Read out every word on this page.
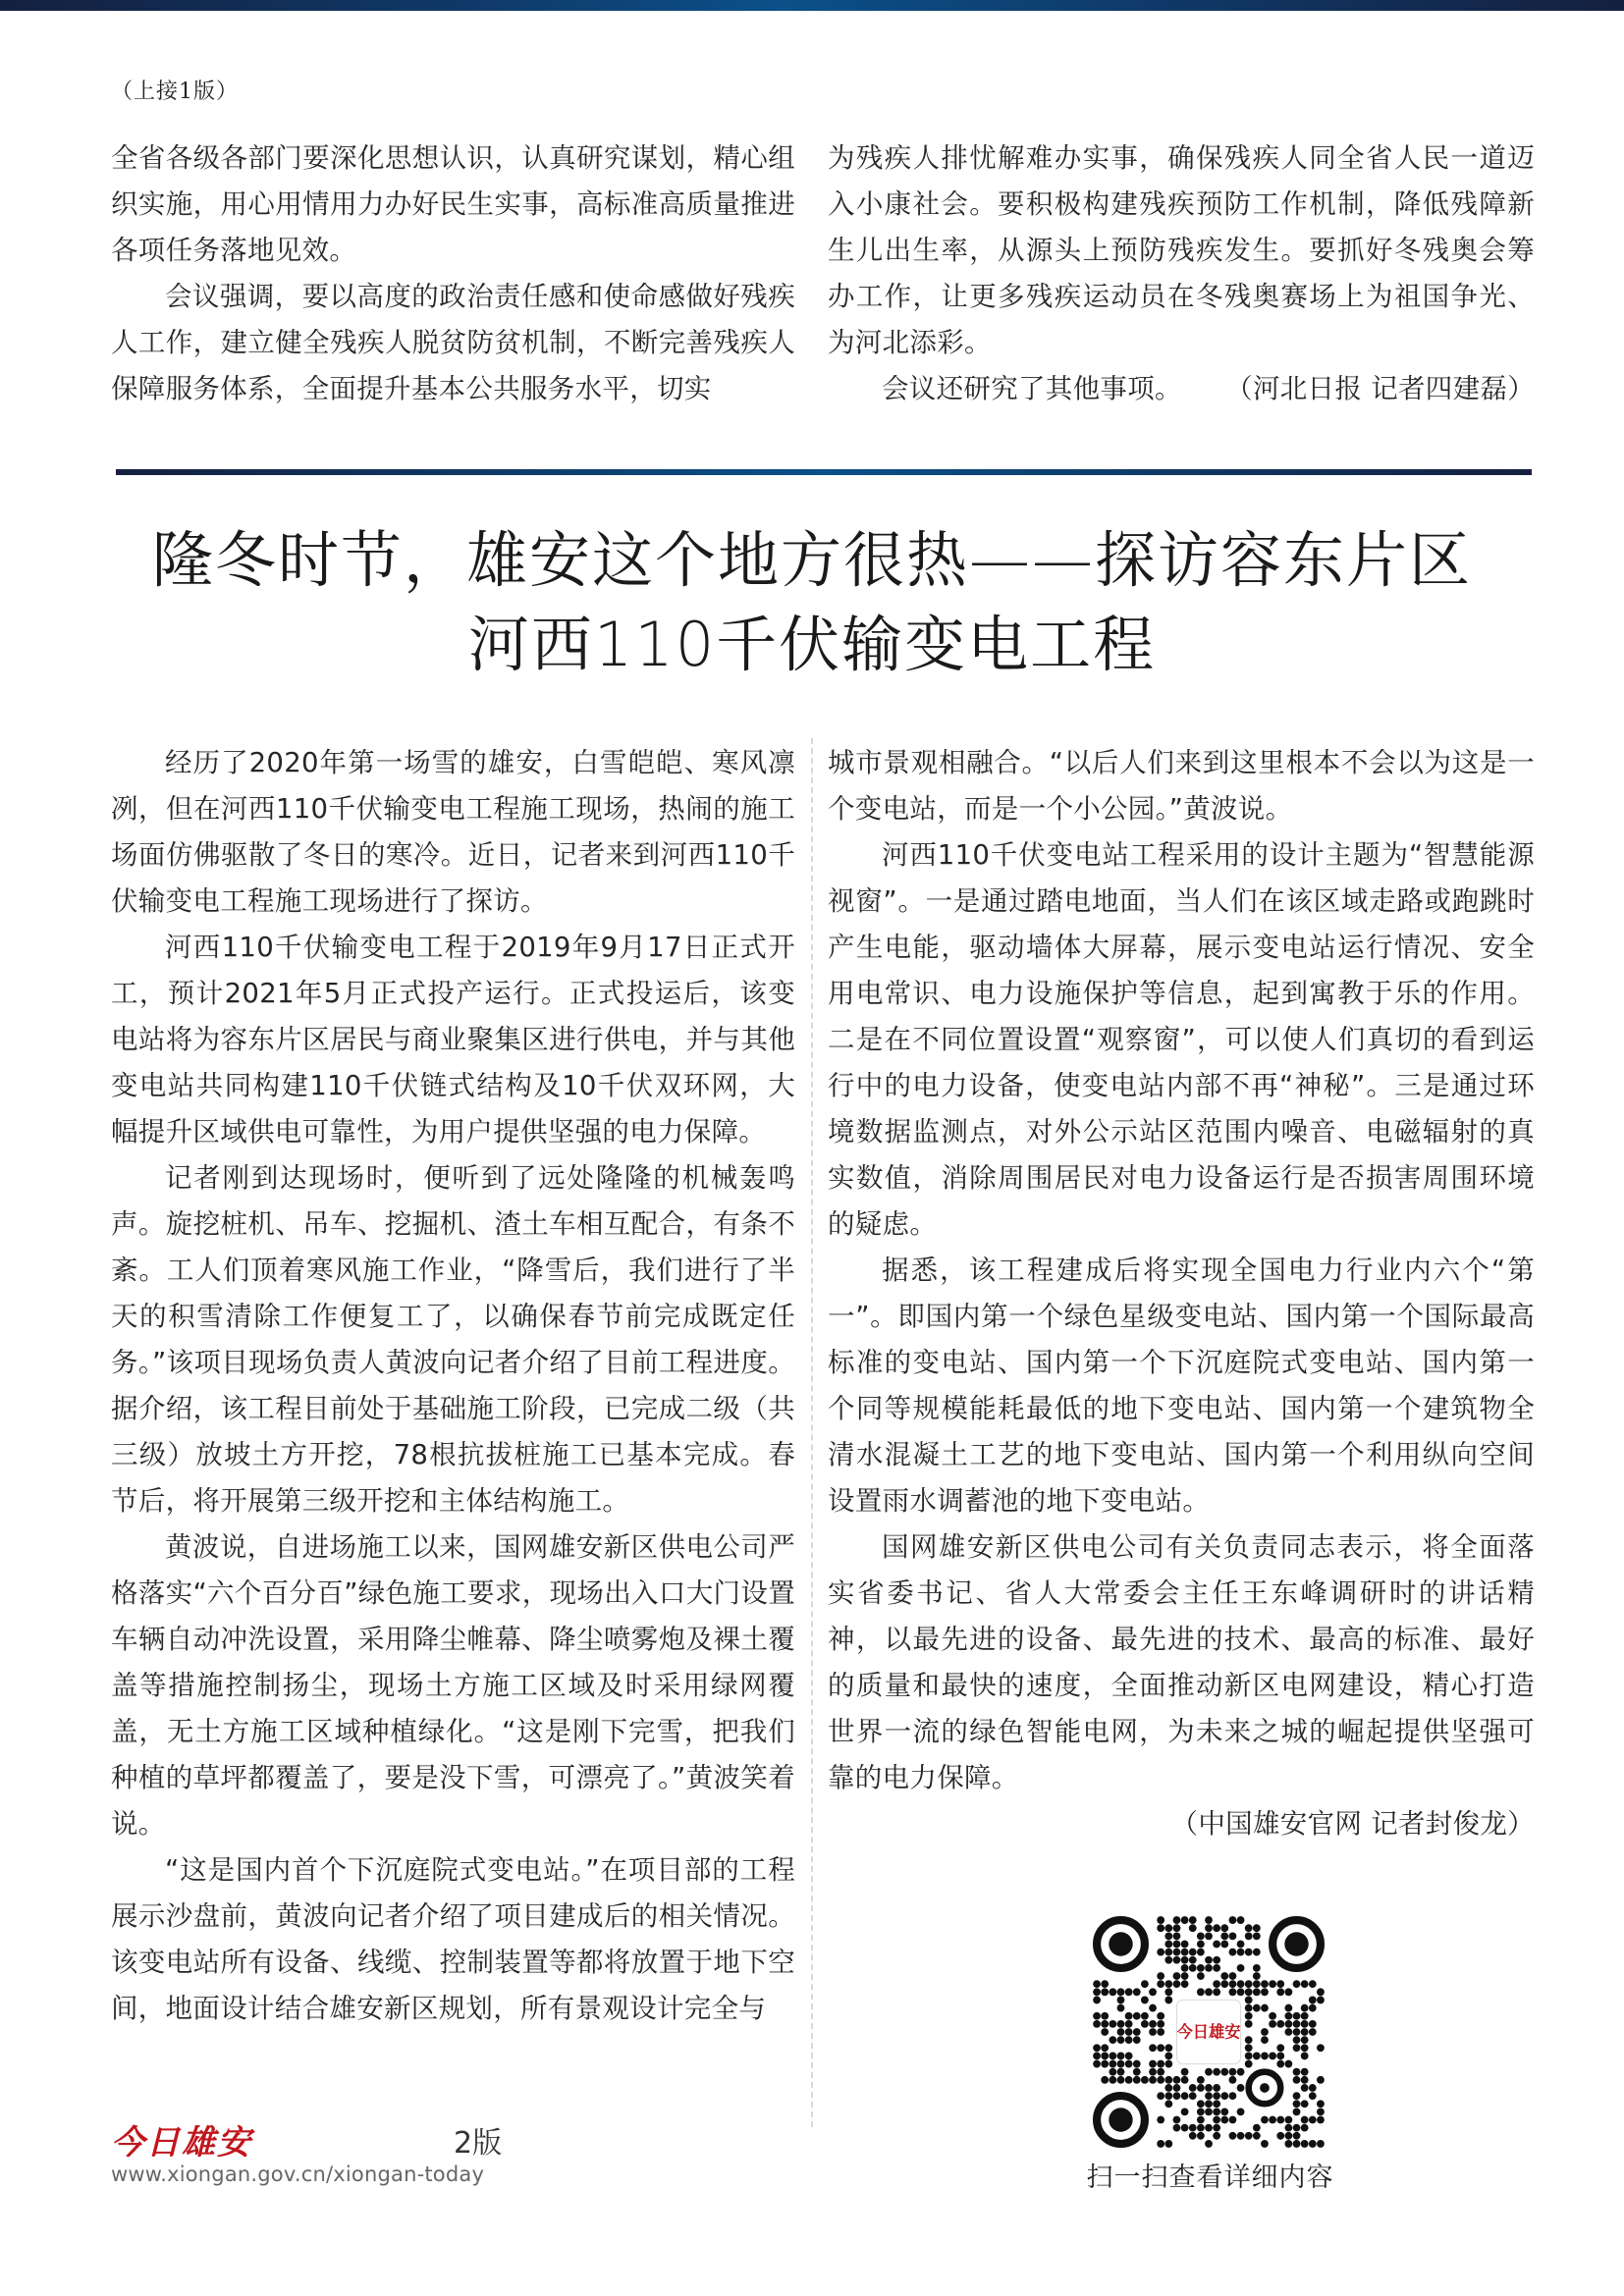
（上接1版）

全省各级各部门要深化思想认识，认真研究谋划，精心组织实施，用心用情用力办好民生实事，高标准高质量推进各项任务落地见效。

会议强调，要以高度的政治责任感和使命感做好残疾人工作，建立健全残疾人脱贫防贫机制，不断完善残疾人保障服务体系，全面提升基本公共服务水平，切实

为残疾人排忧解难办实事，确保残疾人同全省人民一道迈入小康社会。要积极构建残疾预防工作机制，降低残障新生儿出生率，从源头上预防残疾发生。要抓好冬残奥会筹办工作，让更多残疾运动员在冬残奥赛场上为祖国争光、为河北添彩。

会议还研究了其他事项。 （河北日报 记者四建磊）
隆冬时节，雄安这个地方很热——探访容东片区
河西110千伏输变电工程

经历了2020年第一场雪的雄安，白雪皑皑、寒风凛冽，但在河西110千伏输变电工程施工现场，热闹的施工场面仿佛驱散了冬日的寒冷。近日，记者来到河西110千伏输变电工程施工现场进行了探访。

河西110千伏输变电工程于2019年9月17日正式开工，预计2021年5月正式投产运行。正式投运后，该变电站将为容东片区居民与商业聚集区进行供电，并与其他变电站共同构建110千伏链式结构及10千伏双环网，大幅提升区域供电可靠性，为用户提供坚强的电力保障。

记者刚到达现场时，便听到了远处隆隆的机械轰鸣声。旋挖桩机、吊车、挖掘机、渣土车相互配合，有条不紊。工人们顶着寒风施工作业，“降雪后，我们进行了半天的积雪清除工作便复工了，以确保春节前完成既定任务。”该项目现场负责人黄波向记者介绍了目前工程进度。据介绍，该工程目前处于基础施工阶段，已完成二级（共三级）放坡土方开挖，78根抗拔桩施工已基本完成。春节后，将开展第三级开挖和主体结构施工。

黄波说，自进场施工以来，国网雄安新区供电公司严格落实“六个百分百”绿色施工要求，现场出入口大门设置车辆自动冲洗设置，采用降尘帷幕、降尘喷雾炮及裸土覆盖等措施控制扬尘，现场土方施工区域及时采用绿网覆盖，无土方施工区域种植绿化。“这是刚下完雪，把我们种植的草坪都覆盖了，要是没下雪，可漂亮了。”黄波笑着说。

“这是国内首个下沉庭院式变电站。”在项目部的工程展示沙盘前，黄波向记者介绍了项目建成后的相关情况。该变电站所有设备、线缆、控制装置等都将放置于地下空间，地面设计结合雄安新区规划，所有景观设计完全与

城市景观相融合。“以后人们来到这里根本不会以为这是一个变电站，而是一个小公园。”黄波说。

河西110千伏变电站工程采用的设计主题为“智慧能源视窗”。一是通过踏电地面，当人们在该区域走路或跑跳时产生电能，驱动墙体大屏幕，展示变电站运行情况、安全用电常识、电力设施保护等信息，起到寓教于乐的作用。二是在不同位置设置“观察窗”，可以使人们真切的看到运行中的电力设备，使变电站内部不再“神秘”。三是通过环境数据监测点，对外公示站区范围内噪音、电磁辐射的真实数值，消除周围居民对电力设备运行是否损害周围环境的疑虑。

据悉，该工程建成后将实现全国电力行业内六个“第一”。即国内第一个绿色星级变电站、国内第一个国际最高标准的变电站、国内第一个下沉庭院式变电站、国内第一个同等规模能耗最低的地下变电站、国内第一个建筑物全清水混凝土工艺的地下变电站、国内第一个利用纵向空间设置雨水调蓄池的地下变电站。

国网雄安新区供电公司有关负责同志表示，将全面落实省委书记、省人大常委会主任王东峰调研时的讲话精神，以最先进的设备、最先进的技术、最高的标准、最好的质量和最快的速度，全面推动新区电网建设，精心打造世界一流的绿色智能电网，为未来之城的崛起提供坚强可靠的电力保障。

（中国雄安官网 记者封俊龙）

今日雄安
扫一扫查看详细内容
今日雄安	2版
www.xiongan.gov.cn/xiongan-today
